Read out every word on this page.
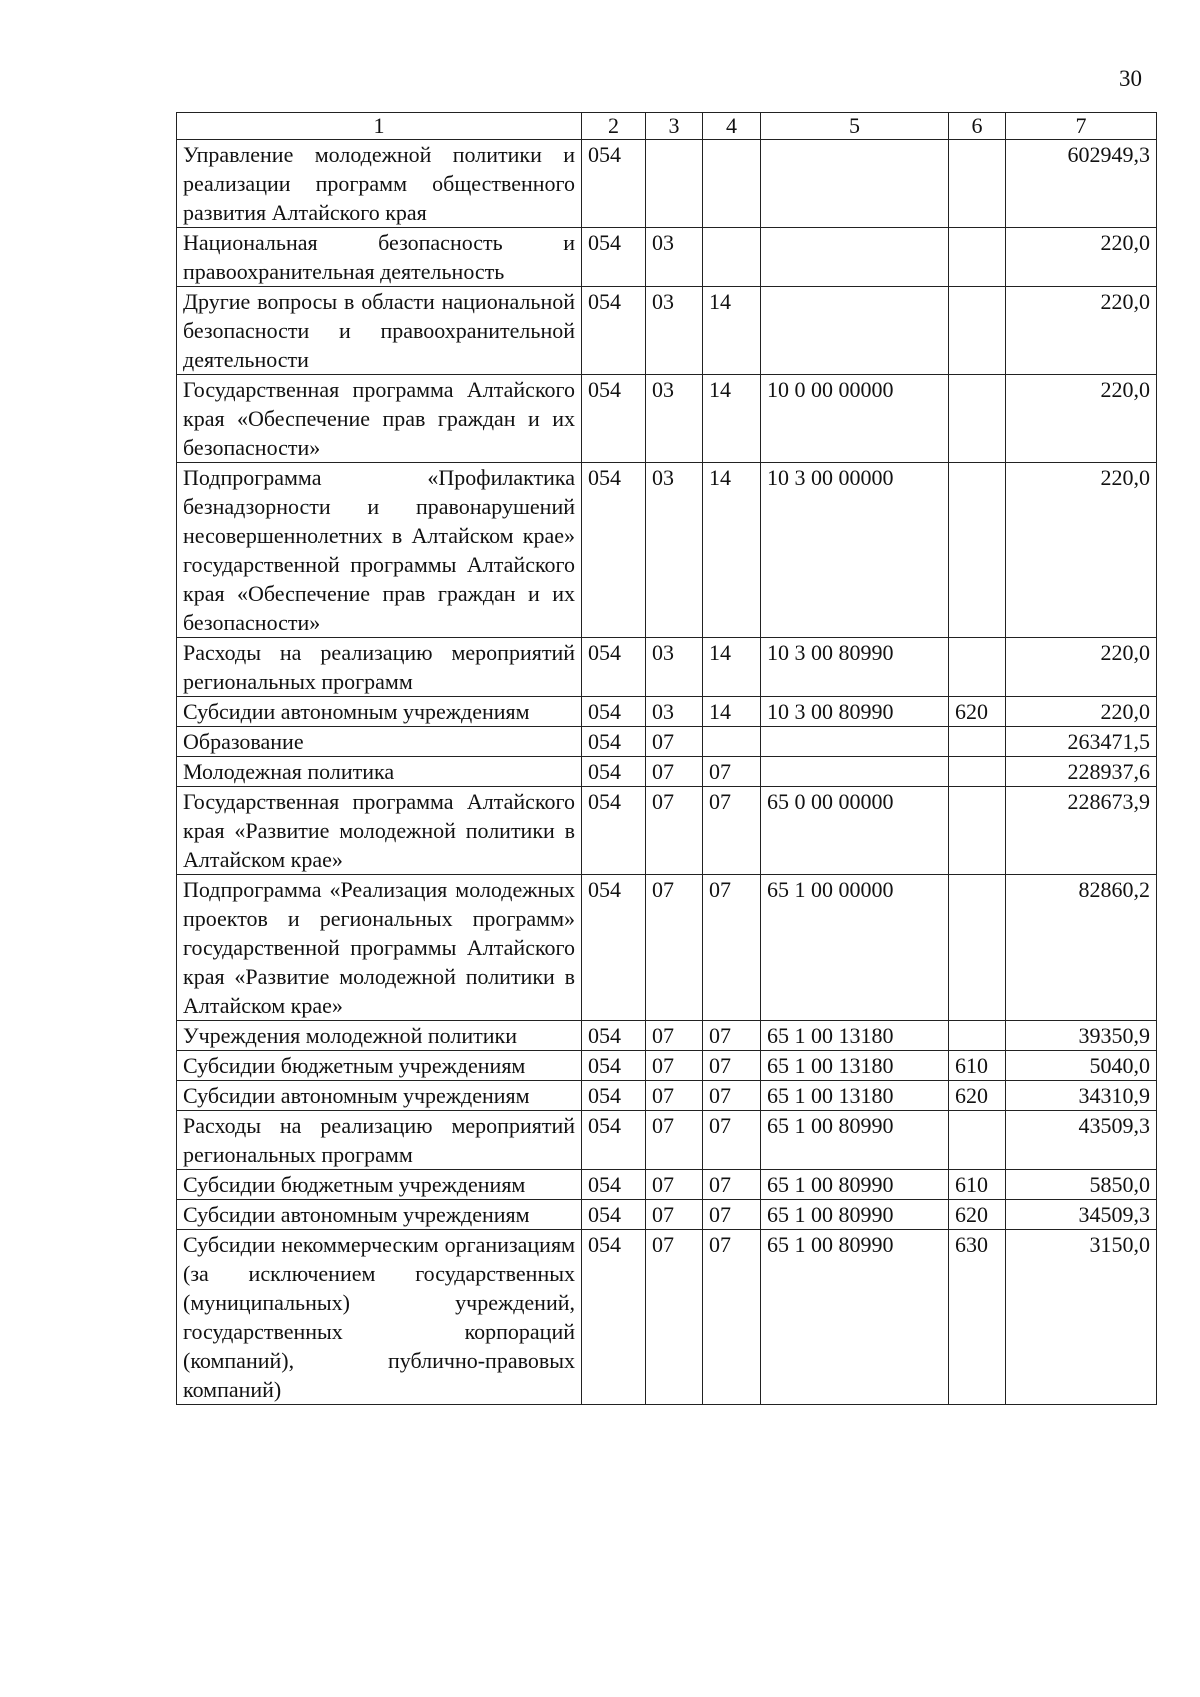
30
1	2	3	4	5	6	7
Управление молодежной политики и реализации программ общественного развития Алтайского края	054					602949,3
Национальная безопасность и правоохранительная деятельность	054	03				220,0
Другие вопросы в области национальной безопасности и правоохранительной деятельности	054	03	14			220,0
Государственная программа Алтайского края «Обеспечение прав граждан и их безопасности»	054	03	14	10 0 00 00000		220,0
Подпрограмма «Профилактика безнадзорности и правонарушений несовершеннолетних в Алтайском крае» государственной программы Алтайского края «Обеспечение прав граждан и их безопасности»	054	03	14	10 3 00 00000		220,0
Расходы на реализацию мероприятий региональных программ	054	03	14	10 3 00 80990		220,0
Субсидии автономным учреждениям	054	03	14	10 3 00 80990	620	220,0
Образование	054	07				263471,5
Молодежная политика	054	07	07			228937,6
Государственная программа Алтайского края «Развитие молодежной политики в Алтайском крае»	054	07	07	65 0 00 00000		228673,9
Подпрограмма «Реализация молодежных проектов и региональных программ» государственной программы Алтайского края «Развитие молодежной политики в Алтайском крае»	054	07	07	65 1 00 00000		82860,2
Учреждения молодежной политики	054	07	07	65 1 00 13180		39350,9
Субсидии бюджетным учреждениям	054	07	07	65 1 00 13180	610	5040,0
Субсидии автономным учреждениям	054	07	07	65 1 00 13180	620	34310,9
Расходы на реализацию мероприятий региональных программ	054	07	07	65 1 00 80990		43509,3
Субсидии бюджетным учреждениям	054	07	07	65 1 00 80990	610	5850,0
Субсидии автономным учреждениям	054	07	07	65 1 00 80990	620	34509,3
Субсидии некоммерческим организациям (за исключением государственных (муниципальных) учреждений, государственных корпораций (компаний), публично-правовых компаний)	054	07	07	65 1 00 80990	630	3150,0
